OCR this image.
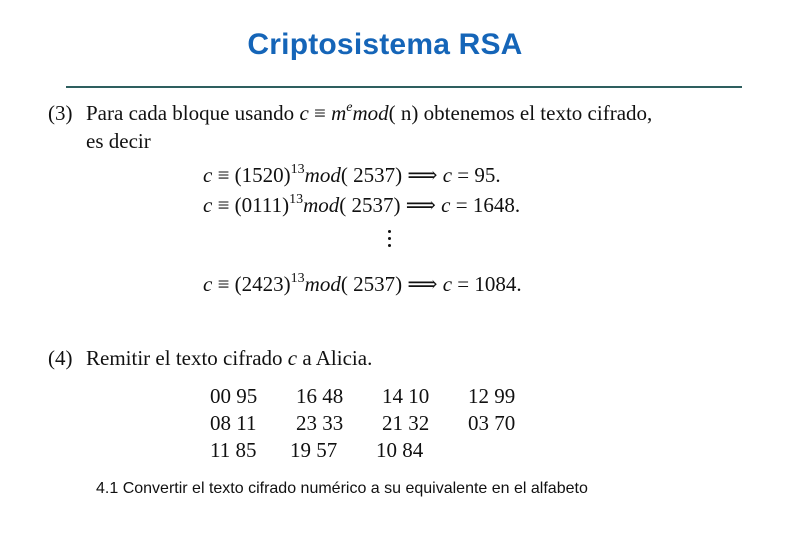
Criptosistema RSA
(3) Para cada bloque usando $c \equiv m^emod$( n) obtenemos el texto cifrado,
es decir
$c \equiv (1520)^{13}mod$( 2537) ⟹ c = 95.
$c \equiv (0111)^{13}mod$( 2537) ⟹ c = 1648.
$c \equiv (2423)^{13}mod$( 2537) ⟹ c = 1084.
(4) Remitir el texto cifrado c a Alicia.
00 95 16 48 14 10 12 99
08 11 23 33 21 32 03 70
11 85 19 57 10 84
4.1 Convertir el texto cifrado numérico a su equivalente en el alfabeto
